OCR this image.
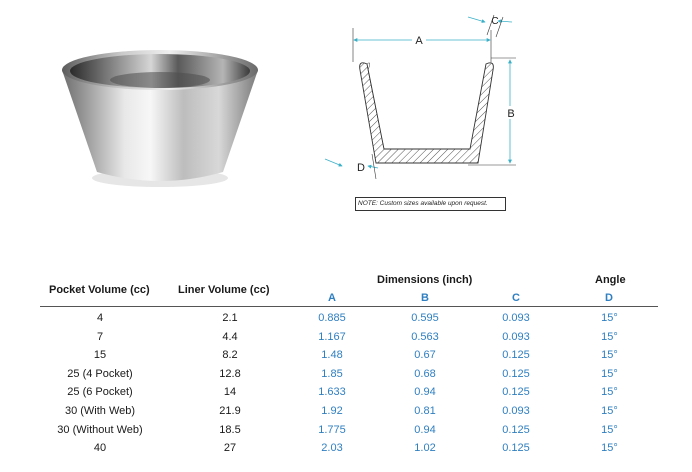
A
C
B
D
NOTE: Custom sizes available upon request.
Pocket Volume (cc)	Liner Volume (cc)
Dimensions (inch)	Angle
A	B	C	D
4	2.1	0.885	0.595	0.093	15°
7	4.4	1.167	0.563	0.093	15°
15	8.2	1.48	0.67	0.125	15°
25 (4 Pocket)	12.8	1.85	0.68	0.125	15°
25 (6 Pocket)	14	1.633	0.94	0.125	15°
30 (With Web)	21.9	1.92	0.81	0.093	15°
30 (Without Web)	18.5	1.775	0.94	0.125	15°
40	27	2.03	1.02	0.125	15°
